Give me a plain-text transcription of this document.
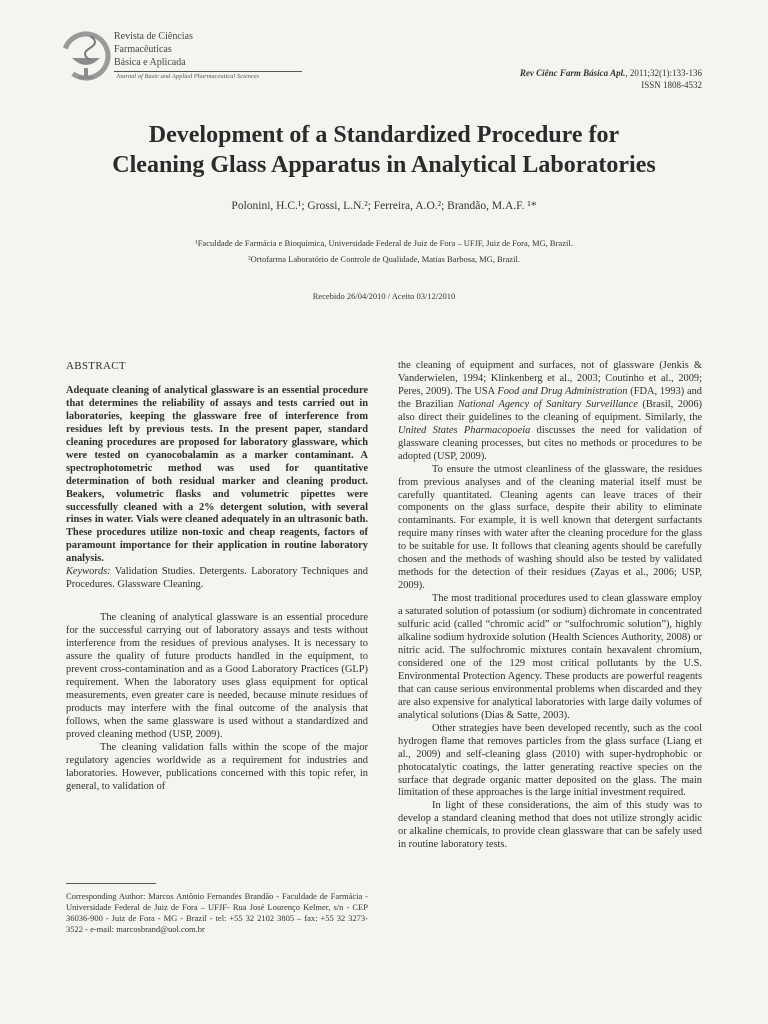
Revista de Ciências
Farmacêuticas
Básica e Aplicada
Journal of Basic and Applied Pharmaceutical Sciences	Rev Ciênc Farm Básica Apl., 2011;32(1):133-136
ISSN 1808-4532
Development of a Standardized Procedure for
Cleaning Glass Apparatus in Analytical Laboratories
Polonini, H.C.¹; Grossi, L.N.²; Ferreira, A.O.²; Brandão, M.A.F. ¹*
¹Faculdade de Farmácia e Bioquímica, Universidade Federal de Juiz de Fora – UFJF, Juiz de Fora, MG, Brazil.
²Ortofarma Laboratório de Controle de Qualidade, Matias Barbosa, MG, Brazil.
Recebido 26/04/2010 / Aceito 03/12/2010
ABSTRACT

Adequate cleaning of analytical glassware is an essential procedure that determines the reliability of assays and tests carried out in laboratories, keeping the glassware free of interference from residues left by previous tests. In the present paper, standard cleaning procedures are proposed for laboratory glassware, which were tested on cyanocobalamin as a marker contaminant. A spectrophotometric method was used for quantitative determination of both residual marker and cleaning product. Beakers, volumetric flasks and volumetric pipettes were successfully cleaned with a 2% detergent solution, with several rinses in water. Vials were cleaned adequately in an ultrasonic bath. These procedures utilize non-toxic and cheap reagents, factors of paramount importance for their application in routine laboratory analysis.

Keywords: Validation Studies. Detergents. Laboratory Techniques and Procedures. Glassware Cleaning.

The cleaning of analytical glassware is an essential procedure for the successful carrying out of laboratory assays and tests without interference from the residues of previous analyses. It is necessary to assure the quality of future products handled in the equipment, to prevent cross-contamination and as a Good Laboratory Practices (GLP) requirement. When the laboratory uses glass equipment for optical measurements, even greater care is needed, because minute residues of products may interfere with the final outcome of the analysis that follows, when the same glassware is used without a standardized and proved cleaning method (USP, 2009).

The cleaning validation falls within the scope of the major regulatory agencies worldwide as a requirement for industries and laboratories. However, publications concerned with this topic refer, in general, to validation of

the cleaning of equipment and surfaces, not of glassware (Jenkis & Vanderwielen, 1994; Klinkenberg et al., 2003; Coutinho et al., 2009; Peres, 2009). The USA Food and Drug Administration (FDA, 1993) and the Brazilian National Agency of Sanitary Surveillance (Brasil, 2006) also direct their guidelines to the cleaning of equipment. Similarly, the United States Pharmacopoeia discusses the need for validation of glassware cleaning processes, but cites no methods or procedures to be adopted (USP, 2009).

To ensure the utmost cleanliness of the glassware, the residues from previous analyses and of the cleaning material itself must be carefully quantitated. Cleaning agents can leave traces of their components on the glass surface, despite their ability to eliminate contaminants. For example, it is well known that detergent surfactants require many rinses with water after the cleaning procedure for the glass to be suitable for use. It follows that cleaning agents should be carefully chosen and the methods of washing should also be tested by validated methods for the detection of their residues (Zayas et al., 2006; USP, 2009).

The most traditional procedures used to clean glassware employ a saturated solution of potassium (or sodium) dichromate in concentrated sulfuric acid (called “chromic acid” or “sulfochromic solution”), highly alkaline sodium hydroxide solution (Health Sciences Authority, 2008) or nitric acid. The sulfochromic mixtures contain hexavalent chromium, considered one of the 129 most critical pollutants by the U.S. Environmental Protection Agency. These products are powerful reagents that can cause serious environmental problems when discarded and they are also expensive for analytical laboratories with large daily volumes of analytical solutions (Dias & Satte, 2003).

Other strategies have been developed recently, such as the cool hydrogen flame that removes particles from the glass surface (Liang et al., 2009) and self-cleaning glass (2010) with super-hydrophobic or photocatalytic coatings, the latter generating reactive species on the surface that degrade organic matter deposited on the glass. The main limitation of these approaches is the large initial investment required.

In light of these considerations, the aim of this study was to develop a standard cleaning method that does not utilize strongly acidic or alkaline chemicals, to provide clean glassware that can be safely used in routine laboratory tests.

Corresponding Author: Marcos Antônio Fernandes Brandão - Faculdade de Farmácia - Universidade Federal de Juiz de Fora – UFJF- Rua José Lourenço Kelmer, s/n - CEP 36036-900 - Juiz de Fora - MG - Brazil - tel: +55 32 2102 3805 – fax: +55 32 3273-3522 - e-mail: marcosbrand@uol.com.br
